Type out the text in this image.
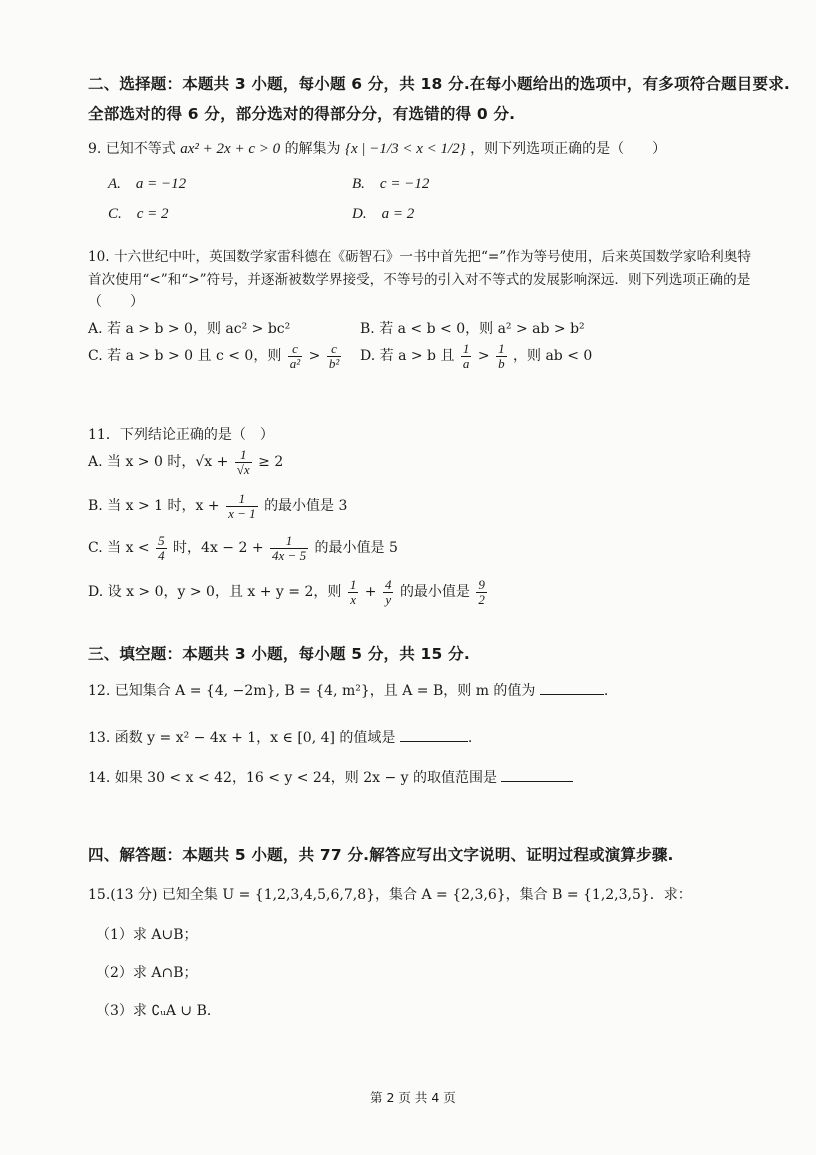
二、选择题：本题共 3 小题，每小题 6 分，共 18 分.在每小题给出的选项中，有多项符合题目要求.
全部选对的得 6 分，部分选对的得部分分，有选错的得 0 分.
9. 已知不等式 ax² + 2x + c > 0 的解集为 {x | −1/3 < x < 1/2} ，则下列选项正确的是（　　）
A.　a = −12	B.　c = −12
C.　c = 2	D.　a = 2
10. 十六世纪中叶，英国数学家雷科德在《砺智石》一书中首先把“=”作为等号使用，后来英国数学家哈利奥特
首次使用“<”和“>”符号，并逐渐被数学界接受，不等号的引入对不等式的发展影响深远．则下列选项正确的是
（　　）
A. 若 a > b > 0，则 ac² > bc²	B. 若 a < b < 0，则 a² > ab > b²
C. 若 a > b > 0 且 c < 0，则 $\frac{c}{\text{a²}} > \frac{c}{\text{b²}} D$. 若 a > b 且 $\frac{1}{a} > \frac{1}{b}$ ，则 ab < 0
11．下列结论正确的是（　）
A. 当 x > 0 时，$√x + \frac{1}{√x} \ge 2$
B. 当 x > 1 时，$x + \frac{1}{x - 1}$ 的最小值是 3
C. 当 $x < \frac{5}{4}$ 时，$4x - 2 + \frac{1}{4x - 5}$ 的最小值是 5
D. 设 x > 0，y > 0，且 x + y = 2，则 $\frac{1}{x} + \frac{4}{y}$ 的最小值是 $\frac{9}{2}$
三、填空题：本题共 3 小题，每小题 5 分，共 15 分.
12. 已知集合 A = {4, −2m}, B = {4, m²}，且 A = B，则 m 的值为	.
13. 函数 y = x² − 4x + 1，x ∈ [0, 4] 的值域是	.
14. 如果 30 < x < 42，16 < y < 24，则 2x − y 的取值范围是
四、解答题：本题共 5 小题，共 77 分.解答应写出文字说明、证明过程或演算步骤.
15.(13 分) 已知全集 U = {1,2,3,4,5,6,7,8}，集合 A = {2,3,6}，集合 B = {1,2,3,5}．求：
（1）求 A∪B；
（2）求 A∩B；
（3）求 ∁ᵤA ∪ B．
第 2 页 共 4 页
